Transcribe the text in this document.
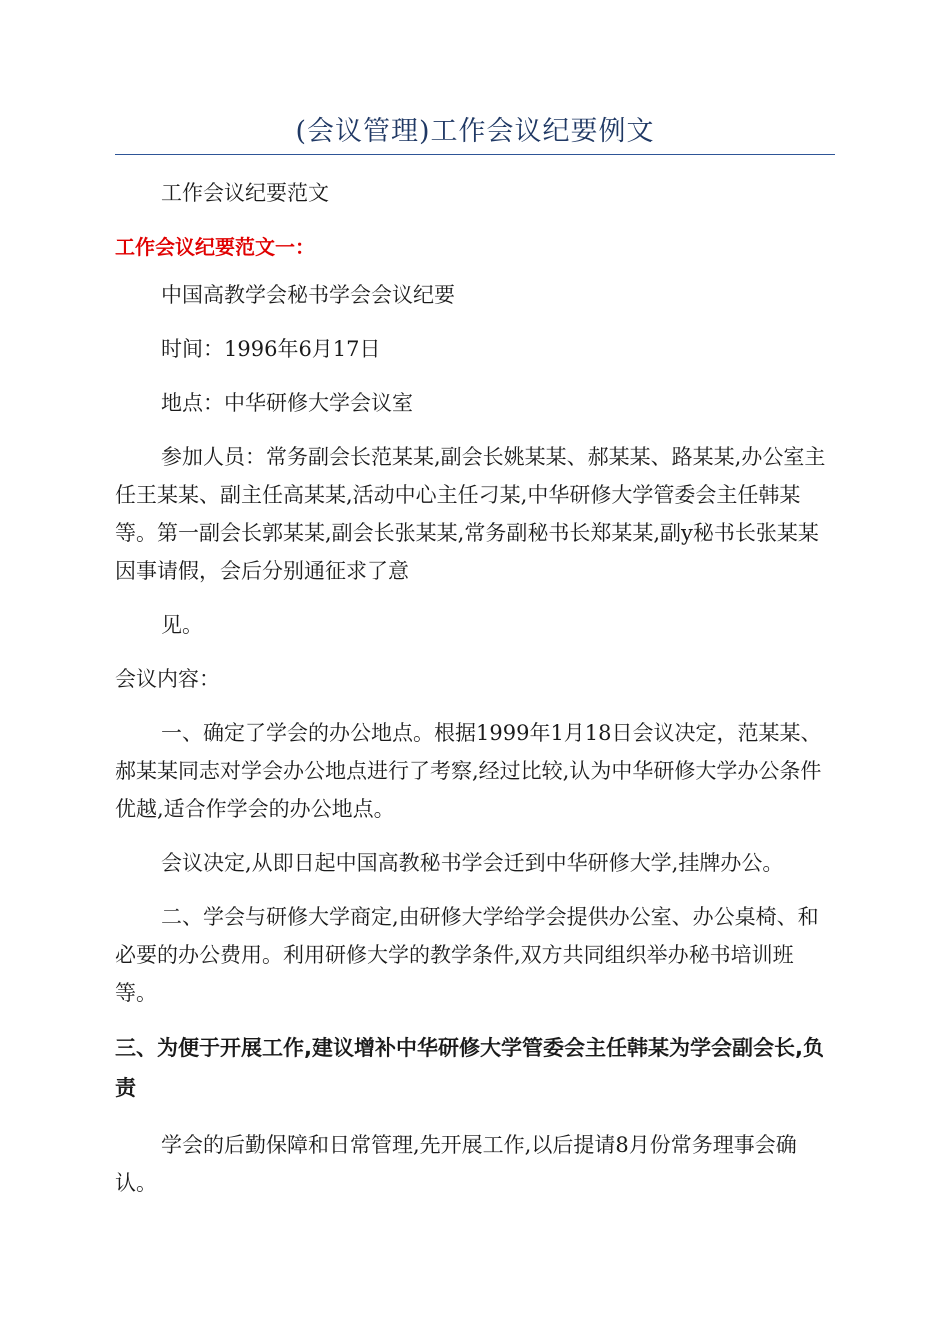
(会议管理)工作会议纪要例文
工作会议纪要范文
工作会议纪要范文一：
中国高教学会秘书学会会议纪要
时间：1996年6月17日
地点：中华研修大学会议室
参加人员：常务副会长范某某,副会长姚某某、郝某某、路某某,办公室主任王某某、副主任高某某,活动中心主任刁某,中华研修大学管委会主任韩某等。第一副会长郭某某,副会长张某某,常务副秘书长郑某某,副y秘书长张某某因事请假，会后分别通征求了意
见。
会议内容：
一、确定了学会的办公地点。根据1999年1月18日会议决定，范某某、郝某某同志对学会办公地点进行了考察,经过比较,认为中华研修大学办公条件优越,适合作学会的办公地点。
会议决定,从即日起中国高教秘书学会迁到中华研修大学,挂牌办公。
二、学会与研修大学商定,由研修大学给学会提供办公室、办公桌椅、和必要的办公费用。利用研修大学的教学条件,双方共同组织举办秘书培训班等。
三、为便于开展工作,建议增补中华研修大学管委会主任韩某为学会副会长,负责
学会的后勤保障和日常管理,先开展工作,以后提请8月份常务理事会确认。
